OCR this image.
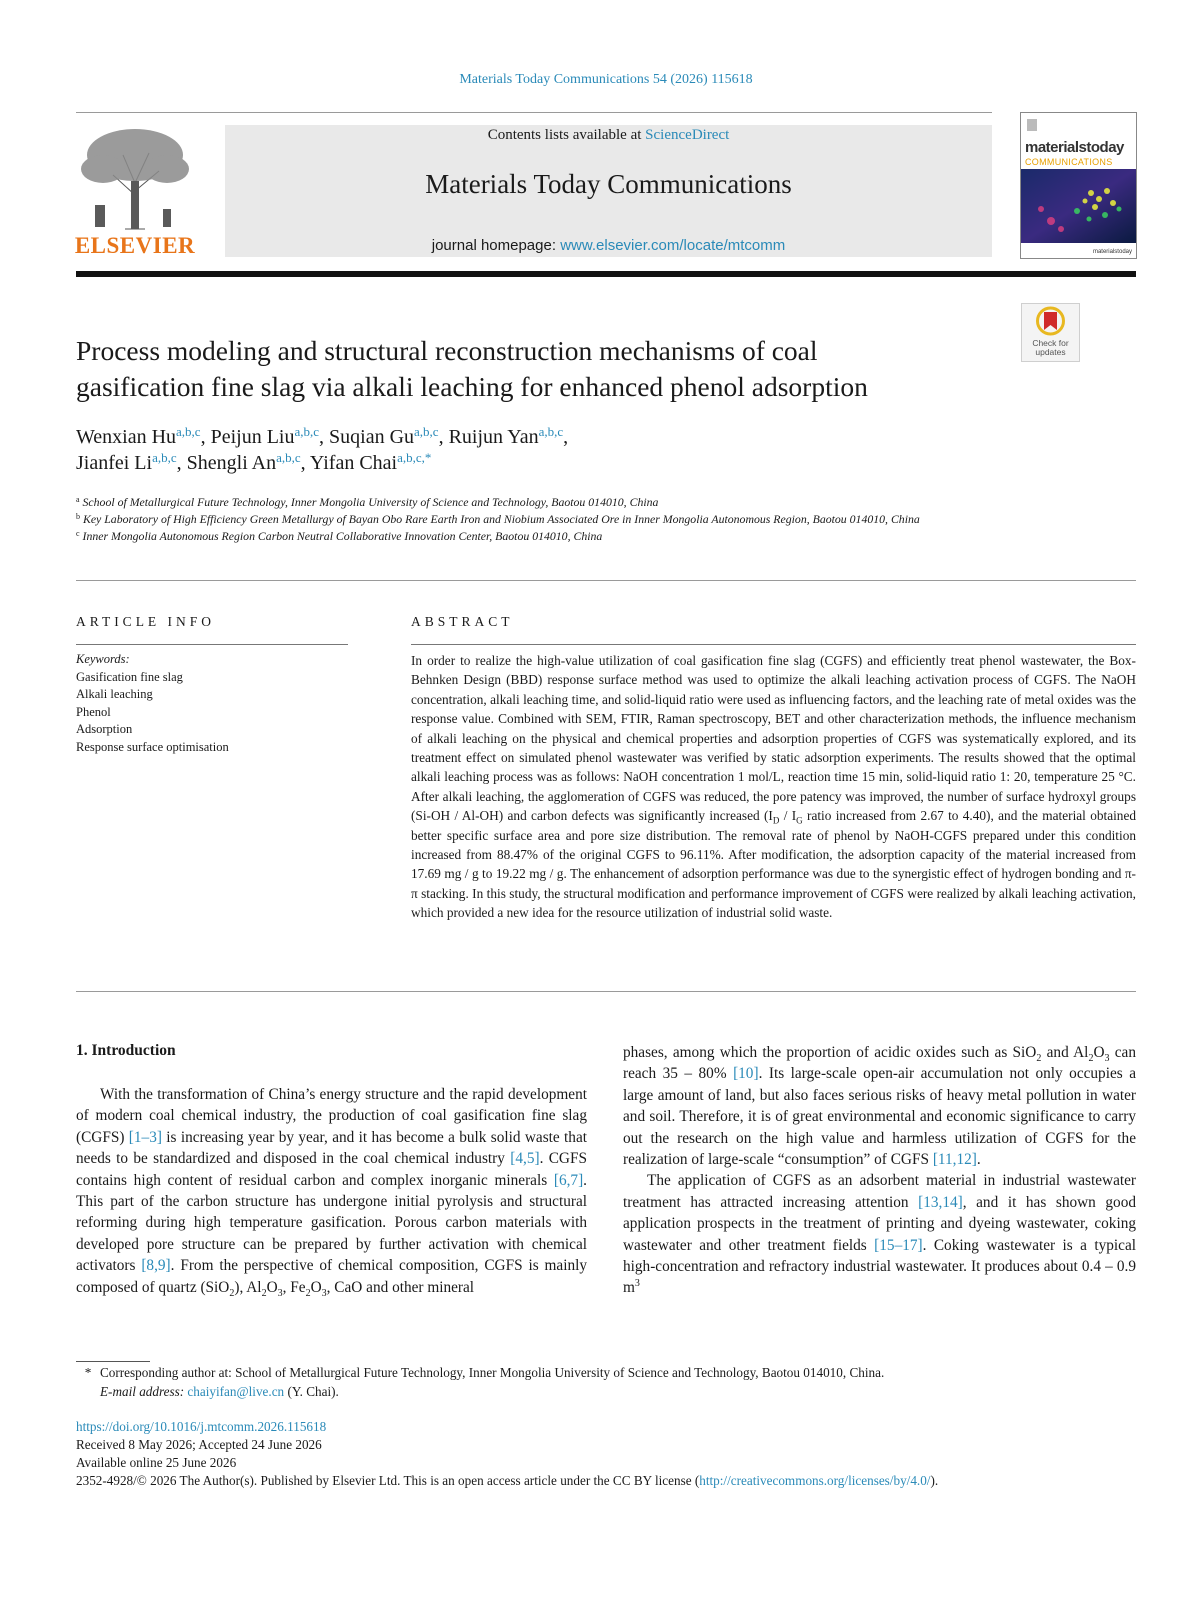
Materials Today Communications 54 (2026) 115618
ELSEVIER
Contents lists available at ScienceDirect
Materials Today Communications
journal homepage: www.elsevier.com/locate/mtcomm
materialstoday
COMMUNICATIONS
materialstoday
Check for
updates
Process modeling and structural reconstruction mechanisms of coal
gasification fine slag via alkali leaching for enhanced phenol adsorption
Wenxian Hu$^{a,b,c}$, Peijun Liu$^{a,b,c}$, Suqian Gu$^{a,b,c}$, Ruijun Yan$^{a,b,c}$,
Jianfei Li$^{a,b,c}$, Shengli An$^{a,b,c}$, Yifan Chai$^{a,b,c,*}$
$^a$ School of Metallurgical Future Technology, Inner Mongolia University of Science and Technology, Baotou 014010, China
$^b$ Key Laboratory of High Efficiency Green Metallurgy of Bayan Obo Rare Earth Iron and Niobium Associated Ore in Inner Mongolia Autonomous Region, Baotou 014010, China
$^c$ Inner Mongolia Autonomous Region Carbon Neutral Collaborative Innovation Center, Baotou 014010, China
ARTICLE INFO	ABSTRACT
Keywords:
Gasification fine slag
Alkali leaching
Phenol
Adsorption
Response surface optimisation
In order to realize the high-value utilization of coal gasification fine slag (CGFS) and efficiently treat phenol wastewater, the Box-Behnken Design (BBD) response surface method was used to optimize the alkali leaching activation process of CGFS. The NaOH concentration, alkali leaching time, and solid-liquid ratio were used as influencing factors, and the leaching rate of metal oxides was the response value. Combined with SEM, FTIR, Raman spectroscopy, BET and other characterization methods, the influence mechanism of alkali leaching on the physical and chemical properties and adsorption properties of CGFS was systematically explored, and its treatment effect on simulated phenol wastewater was verified by static adsorption experiments. The results showed that the optimal alkali leaching process was as follows: NaOH concentration 1 mol/L, reaction time 15 min, solid-liquid ratio 1: 20, temperature 25 °C. After alkali leaching, the agglomeration of CGFS was reduced, the pore patency was improved, the number of surface hydroxyl groups (Si-OH / Al-OH) and carbon defects was significantly increased ($I_D / I_G$ ratio increased from 2.67 to 4.40), and the material obtained better specific surface area and pore size distribution. The removal rate of phenol by NaOH-CGFS prepared under this condition increased from 88.47% of the original CGFS to 96.11%. After modification, the adsorption capacity of the material increased from 17.69 mg / g to 19.22 mg / g. The enhancement of adsorption performance was due to the synergistic effect of hydrogen bonding and π-π stacking. In this study, the structural modification and performance improvement of CGFS were realized by alkali leaching activation, which provided a new idea for the resource utilization of industrial solid waste.
1. Introduction

With the transformation of China’s energy structure and the rapid development of modern coal chemical industry, the production of coal gasification fine slag (CGFS) [1–3] is increasing year by year, and it has become a bulk solid waste that needs to be standardized and disposed in the coal chemical industry [4,5]. CGFS contains high content of residual carbon and complex inorganic minerals [6,7]. This part of the carbon structure has undergone initial pyrolysis and structural reforming during high temperature gasification. Porous carbon materials with developed pore structure can be prepared by further activation with chemical activators [8,9]. From the perspective of chemical composition, CGFS is mainly composed of quartz (SiO$_2$), $Al_2O_3$, $Fe_2O_3$, CaO and other mineral

phases, among which the proportion of acidic oxides such as SiO$_2$ and $Al_2O_3$ can reach 35 – 80% [10]. Its large-scale open-air accumulation not only occupies a large amount of land, but also faces serious risks of heavy metal pollution in water and soil. Therefore, it is of great environmental and economic significance to carry out the research on the high value and harmless utilization of CGFS for the realization of large-scale “consumption” of CGFS [11,12].

The application of CGFS as an adsorbent material in industrial wastewater treatment has attracted increasing attention [13,14], and it has shown good application prospects in the treatment of printing and dyeing wastewater, coking wastewater and other treatment fields [15–17]. Coking wastewater is a typical high-concentration and refractory industrial wastewater. It produces about 0.4 – 0.9 $m^3$

* Corresponding author at: School of Metallurgical Future Technology, Inner Mongolia University of Science and Technology, Baotou 014010, China.
E-mail address: chaiyifan@live.cn (Y. Chai).
https://doi.org/10.1016/j.mtcomm.2026.115618
Received 8 May 2026; Accepted 24 June 2026
Available online 25 June 2026
2352-4928/© 2026 The Author(s). Published by Elsevier Ltd. This is an open access article under the CC BY license (http://creativecommons.org/licenses/by/4.0/).
